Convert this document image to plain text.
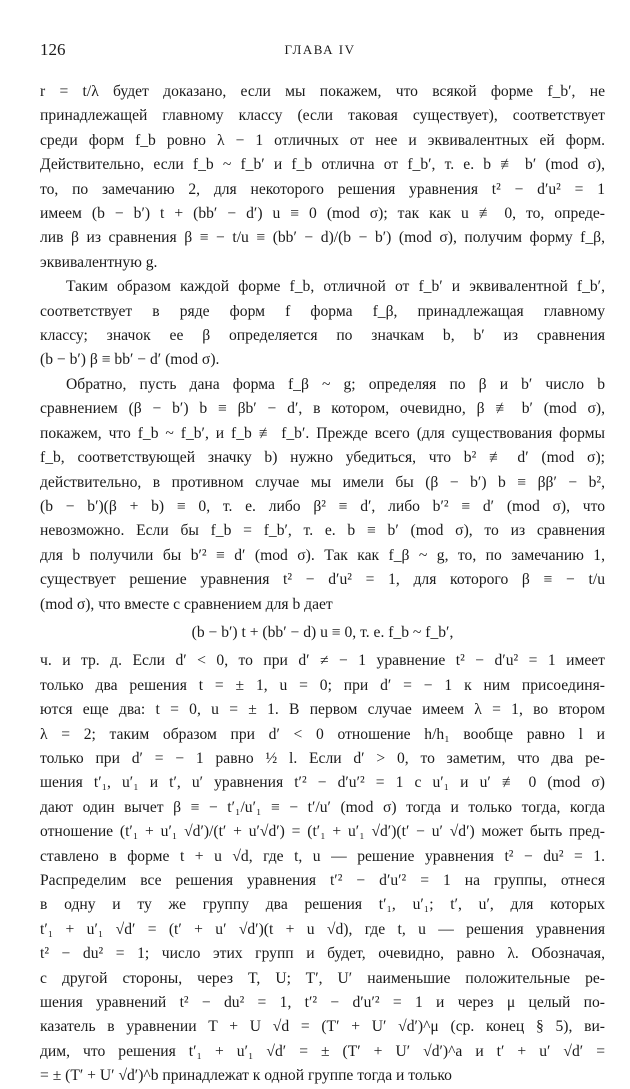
126	ГЛАВА IV

r = t/λ будет доказано, если мы покажем, что всякой форме f_b′, не
принадлежащей главному классу (если таковая существует), соответствует
среди форм f_b ровно λ − 1 отличных от нее и эквивалентных ей форм.
Действительно, если f_b ~ f_b′ и f_b отлична от f_b′, т. е. b ≢ b′ (mod σ),
то, по замечанию 2, для некоторого решения уравнения t² − d′u² = 1
имеем (b − b′) t + (bb′ − d′) u ≡ 0 (mod σ); так как u ≢ 0, то, опреде-
лив β из сравнения β ≡ − t/u ≡ (bb′ − d)/(b − b′) (mod σ), получим форму f_β,
эквивалентную g.

Таким образом каждой форме f_b, отличной от f_b′ и эквивалентной f_b′,
соответствует в ряде форм f форма f_β, принадлежащая главному
классу; значок ее β определяется по значкам b, b′ из сравнения
(b − b′) β ≡ bb′ − d′ (mod σ).

Обратно, пусть дана форма f_β ~ g; определяя по β и b′ число b
сравнением (β − b′) b ≡ βb′ − d′, в котором, очевидно, β ≢ b′ (mod σ),
покажем, что f_b ~ f_b′, и f_b ≢ f_b′. Прежде всего (для существования формы
f_b, соответствующей значку b) нужно убедиться, что b² ≢ d′ (mod σ);
действительно, в противном случае мы имели бы (β − b′) b ≡ ββ′ − b²,
(b − b′)(β + b) ≡ 0, т. е. либо β² ≡ d′, либо b′² ≡ d′ (mod σ), что
невозможно. Если бы f_b = f_b′, т. е. b ≡ b′ (mod σ), то из сравнения
для b получили бы b′² ≡ d′ (mod σ). Так как f_β ~ g, то, по замечанию 1,
существует решение уравнения t² − d′u² = 1, для которого β ≡ − t/u
(mod σ), что вместе с сравнением для b дает

(b − b′) t + (bb′ − d) u ≡ 0, т. е. f_b ~ f_b′,

ч. и тр. д. Если d′ < 0, то при d′ ≠ − 1 уравнение t² − d′u² = 1 имеет
только два решения t = ± 1, u = 0; при d′ = − 1 к ним присоединя-
ются еще два: t = 0, u = ± 1. В первом случае имеем λ = 1, во втором
λ = 2; таким образом при d′ < 0 отношение h/h₁ вообще равно l и
только при d′ = − 1 равно ½ l. Если d′ > 0, то заметим, что два ре-
шения t′₁, u′₁ и t′, u′ уравнения t′² − d′u′² = 1 с u′₁ и u′ ≢ 0 (mod σ)
дают один вычет β ≡ − t′₁/u′₁ ≡ − t′/u′ (mod σ) тогда и только тогда, когда
отношение (t′₁ + u′₁ √d′)/(t′ + u′√d′) = (t′₁ + u′₁ √d′)(t′ − u′ √d′) может быть пред-
ставлено в форме t + u √d, где t, u — решение уравнения t² − du² = 1.
Распределим все решения уравнения t′² − d′u′² = 1 на группы, отнеся
в одну и ту же группу два решения t′₁, u′₁; t′, u′, для которых
t′₁ + u′₁ √d′ = (t′ + u′ √d′)(t + u √d), где t, u — решения уравнения
t² − du² = 1; число этих групп и будет, очевидно, равно λ. Обозначая,
с другой стороны, через T, U; T′, U′ наименьшие положительные ре-
шения уравнений t² − du² = 1, t′² − d′u′² = 1 и через μ целый по-
казатель в уравнении T + U √d = (T′ + U′ √d′)^μ (ср. конец § 5), ви-
дим, что решения t′₁ + u′₁ √d′ = ± (T′ + U′ √d′)^a и t′ + u′ √d′ =
= ± (T′ + U′ √d′)^b принадлежат к одной группе тогда и только
